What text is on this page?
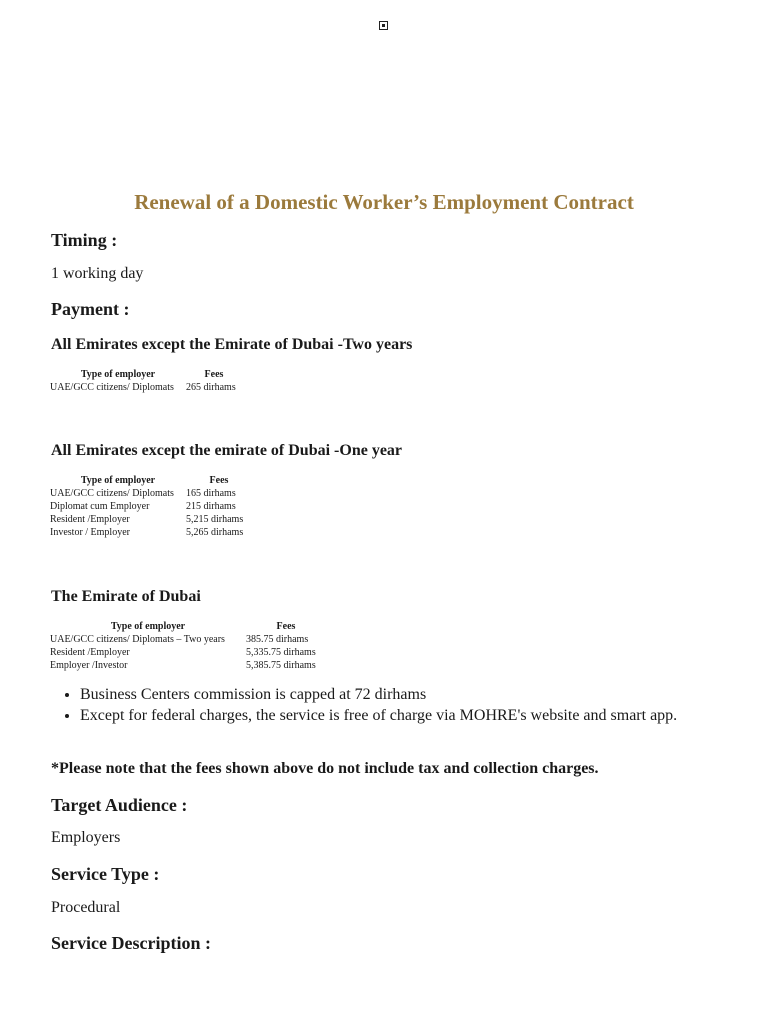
Renewal of a Domestic Worker’s Employment Contract
Timing :
1 working day
Payment :
All Emirates except the Emirate of Dubai -Two years
Type of employer	Fees
UAE/GCC citizens/ Diplomats	265 dirhams
All Emirates except the emirate of Dubai -One year
Type of employer	Fees
UAE/GCC citizens/ Diplomats	165 dirhams
Diplomat cum Employer	215 dirhams
Resident /Employer	5,215 dirhams
Investor / Employer	5,265 dirhams
The Emirate of Dubai
Type of employer	Fees
UAE/GCC citizens/ Diplomats – Two years	385.75 dirhams
Resident /Employer	5,335.75 dirhams
Employer /Investor	5,385.75 dirhams
• Business Centers commission is capped at 72 dirhams
• Except for federal charges, the service is free of charge via MOHRE's website and smart app.
*Please note that the fees shown above do not include tax and collection charges.
Target Audience :
Employers
Service Type :
Procedural
Service Description :
